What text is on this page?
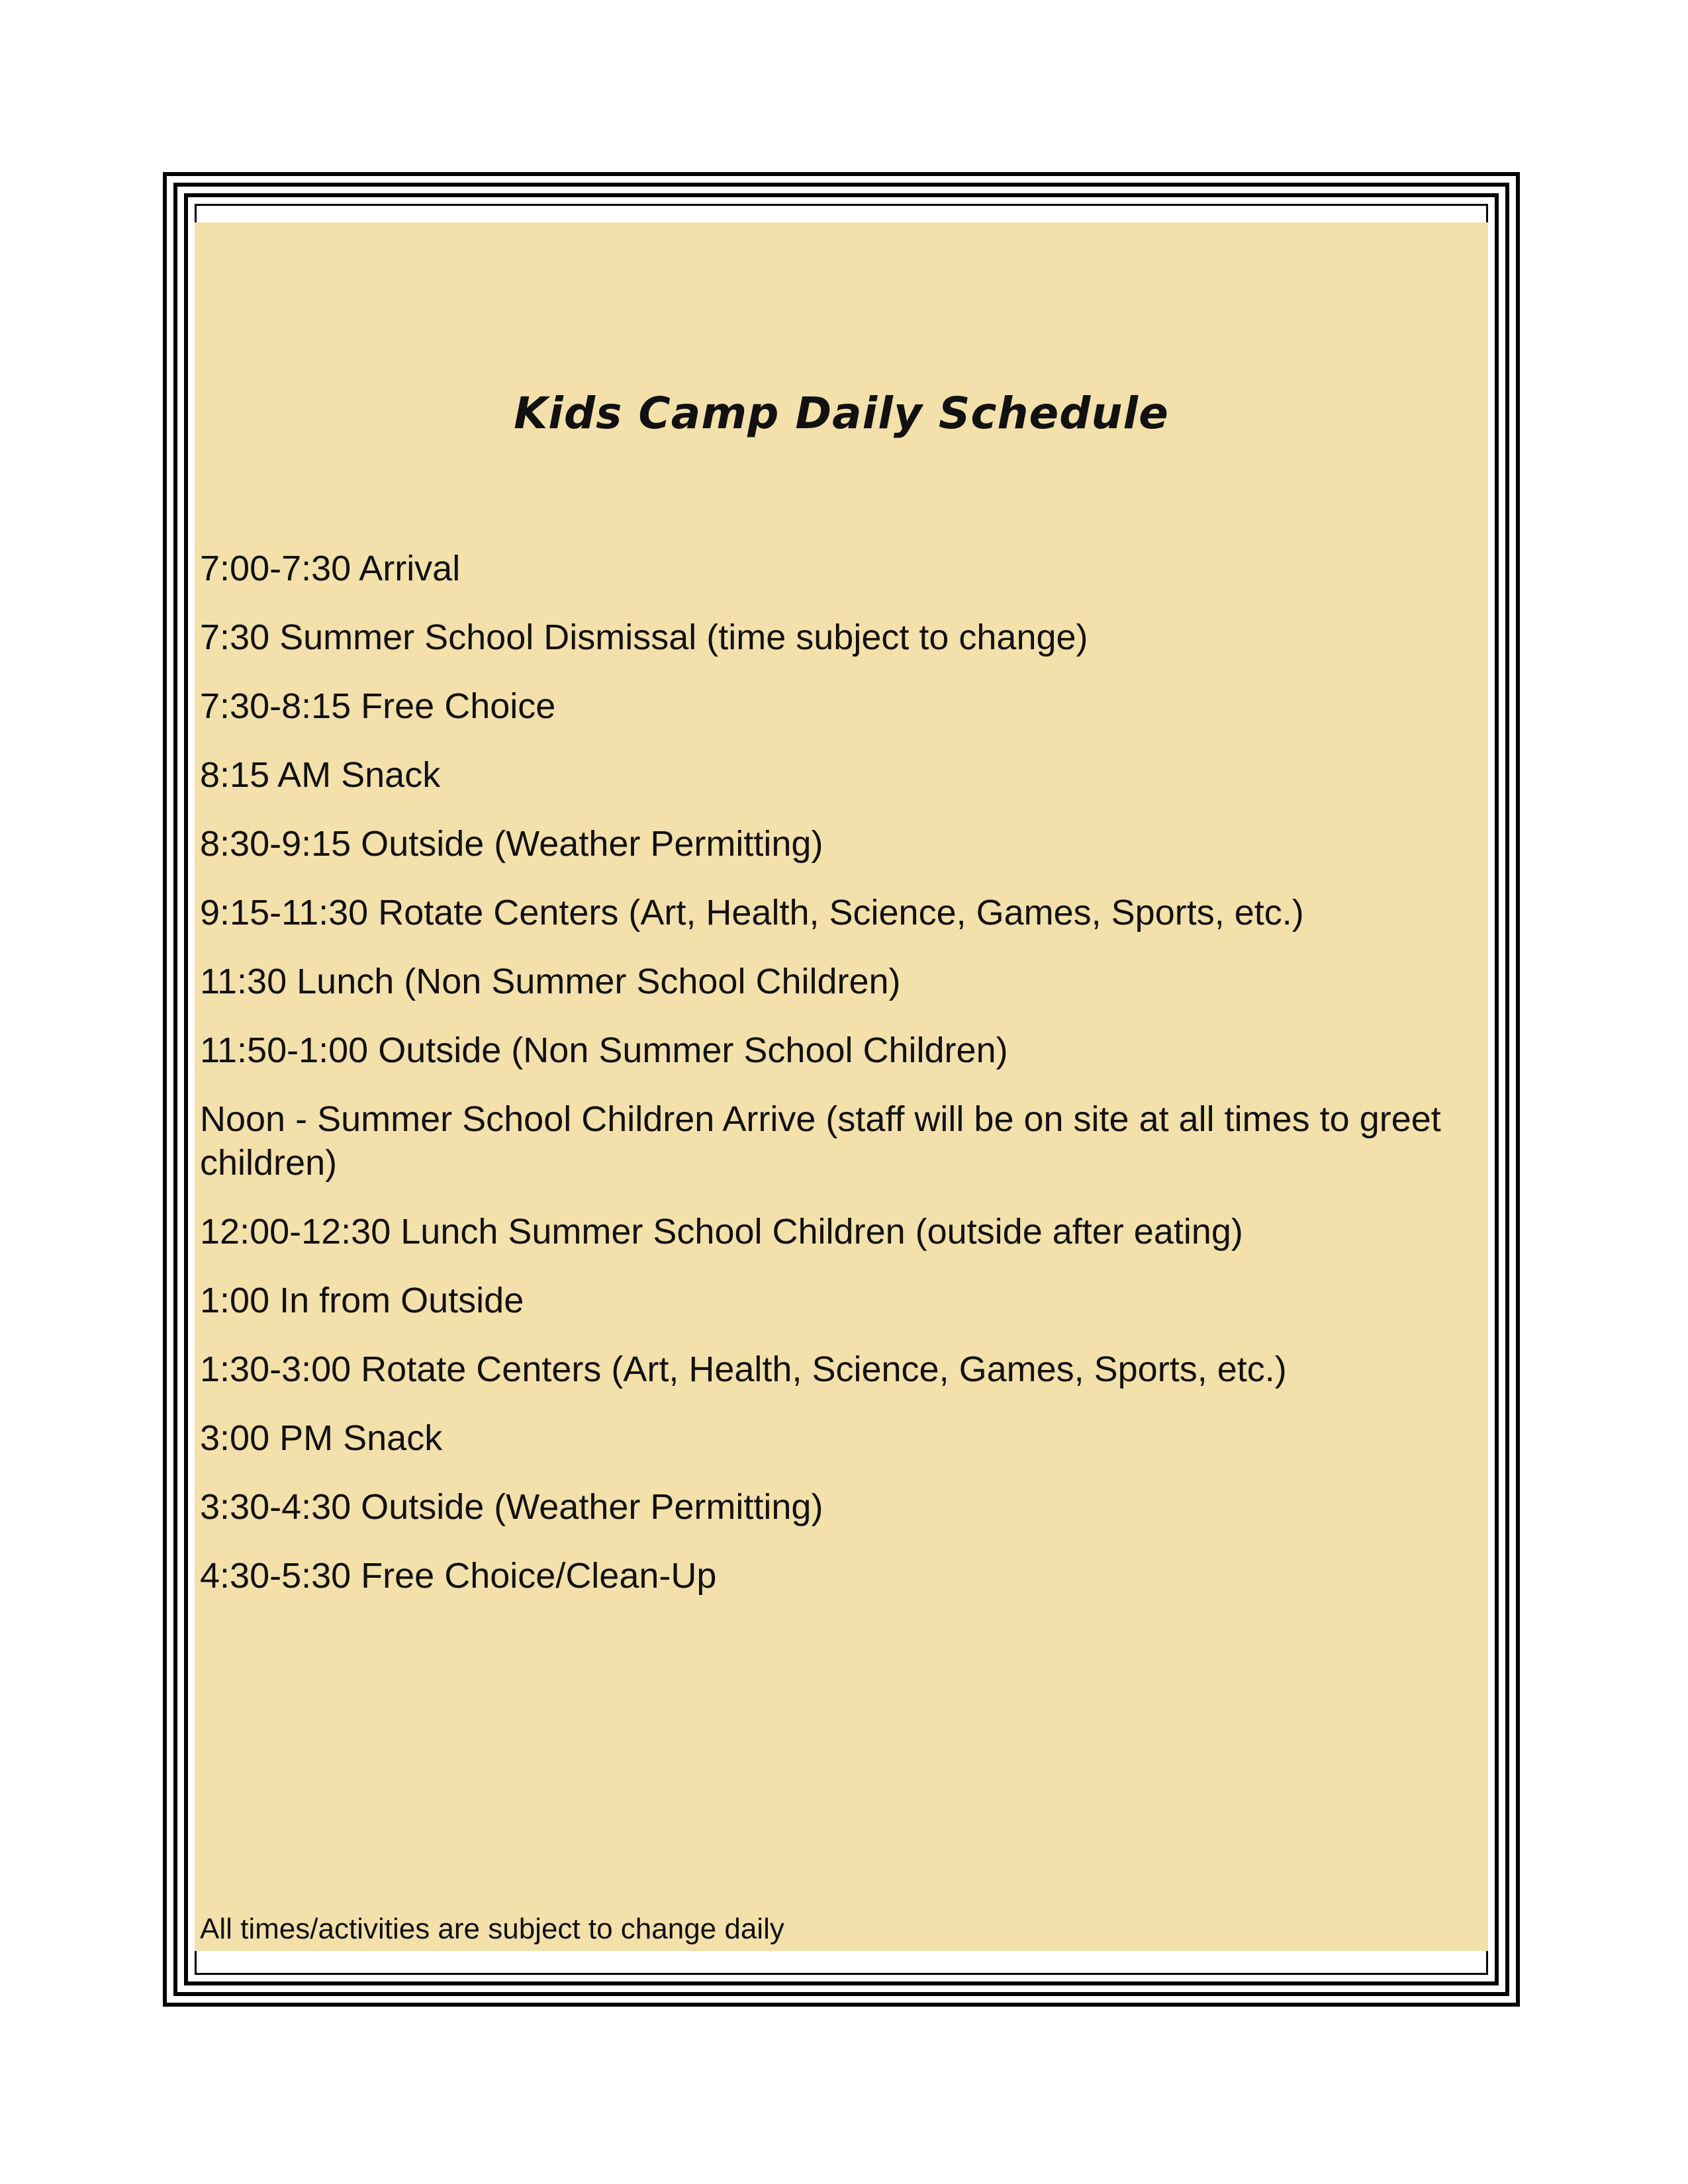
Kids Camp Daily Schedule
7:00-7:30 Arrival
7:30 Summer School Dismissal (time subject to change)
7:30-8:15 Free Choice
8:15 AM Snack
8:30-9:15 Outside (Weather Permitting)
9:15-11:30 Rotate Centers (Art, Health, Science, Games, Sports, etc.)
11:30 Lunch (Non Summer School Children)
11:50-1:00 Outside (Non Summer School Children)
Noon - Summer School Children Arrive (staff will be on site at all times to greet children)
12:00-12:30 Lunch Summer School Children (outside after eating)
1:00 In from Outside
1:30-3:00 Rotate Centers (Art, Health, Science, Games, Sports, etc.)
3:00 PM Snack
3:30-4:30 Outside (Weather Permitting)
4:30-5:30 Free Choice/Clean-Up
All times/activities are subject to change daily
